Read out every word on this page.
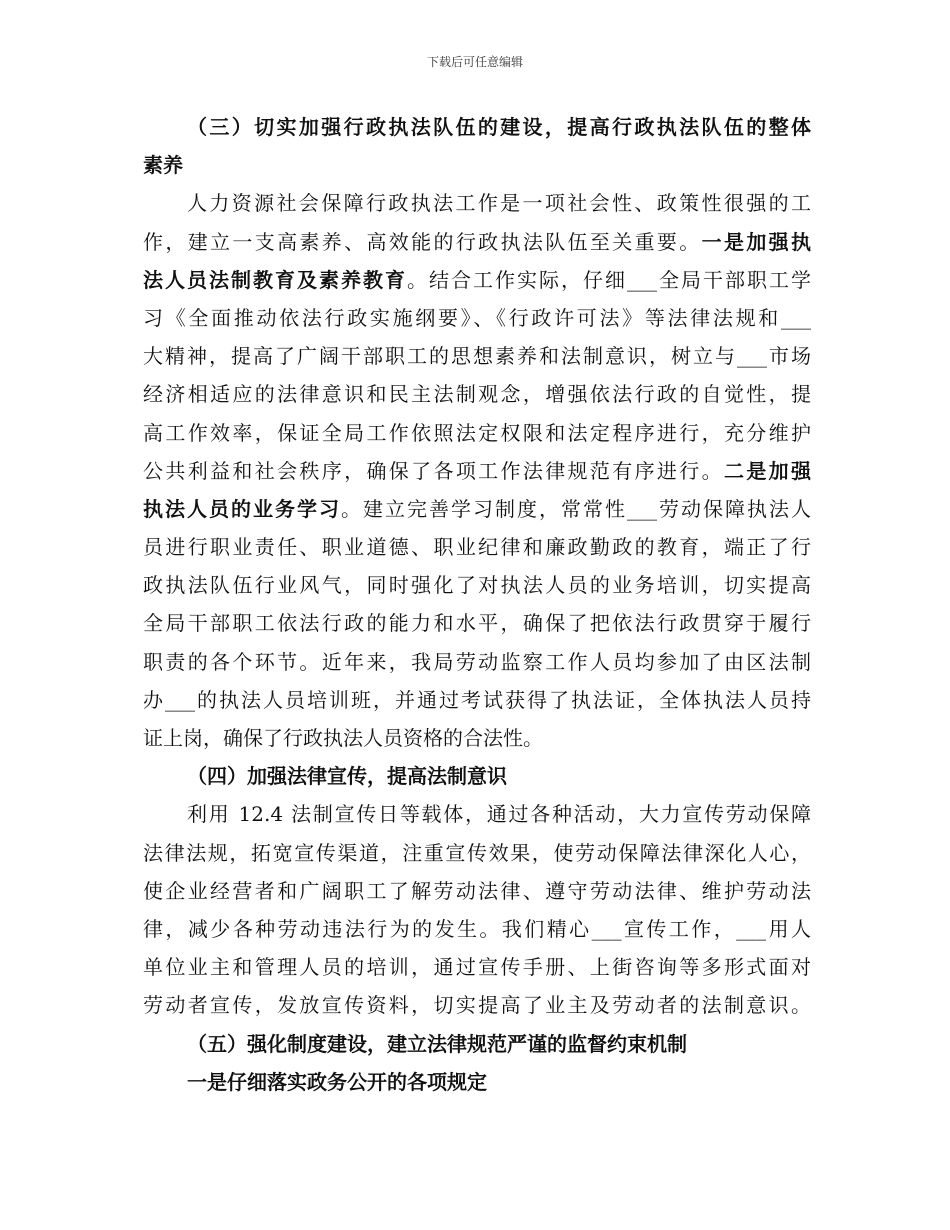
下载后可任意编辑
（三）切实加强行政执法队伍的建设，提高行政执法队伍的整体
素养
人力资源社会保障行政执法工作是一项社会性、政策性很强的工
作，建立一支高素养、高效能的行政执法队伍至关重要。一是加强执
法人员法制教育及素养教育。结合工作实际，仔细___全局干部职工学
习《全面推动依法行政实施纲要》、《行政许可法》等法律法规和___
大精神，提高了广阔干部职工的思想素养和法制意识，树立与___市场
经济相适应的法律意识和民主法制观念，增强依法行政的自觉性，提
高工作效率，保证全局工作依照法定权限和法定程序进行，充分维护
公共利益和社会秩序，确保了各项工作法律规范有序进行。二是加强
执法人员的业务学习。建立完善学习制度，常常性___劳动保障执法人
员进行职业责任、职业道德、职业纪律和廉政勤政的教育，端正了行
政执法队伍行业风气，同时强化了对执法人员的业务培训，切实提高
全局干部职工依法行政的能力和水平，确保了把依法行政贯穿于履行
职责的各个环节。近年来，我局劳动监察工作人员均参加了由区法制
办___的执法人员培训班，并通过考试获得了执法证，全体执法人员持
证上岗，确保了行政执法人员资格的合法性。
（四）加强法律宣传，提高法制意识
利用 12.4 法制宣传日等载体，通过各种活动，大力宣传劳动保障
法律法规，拓宽宣传渠道，注重宣传效果，使劳动保障法律深化人心，
使企业经营者和广阔职工了解劳动法律、遵守劳动法律、维护劳动法
律，减少各种劳动违法行为的发生。我们精心___宣传工作，___用人
单位业主和管理人员的培训，通过宣传手册、上街咨询等多形式面对
劳动者宣传，发放宣传资料，切实提高了业主及劳动者的法制意识。
（五）强化制度建设，建立法律规范严谨的监督约束机制
一是仔细落实政务公开的各项规定
